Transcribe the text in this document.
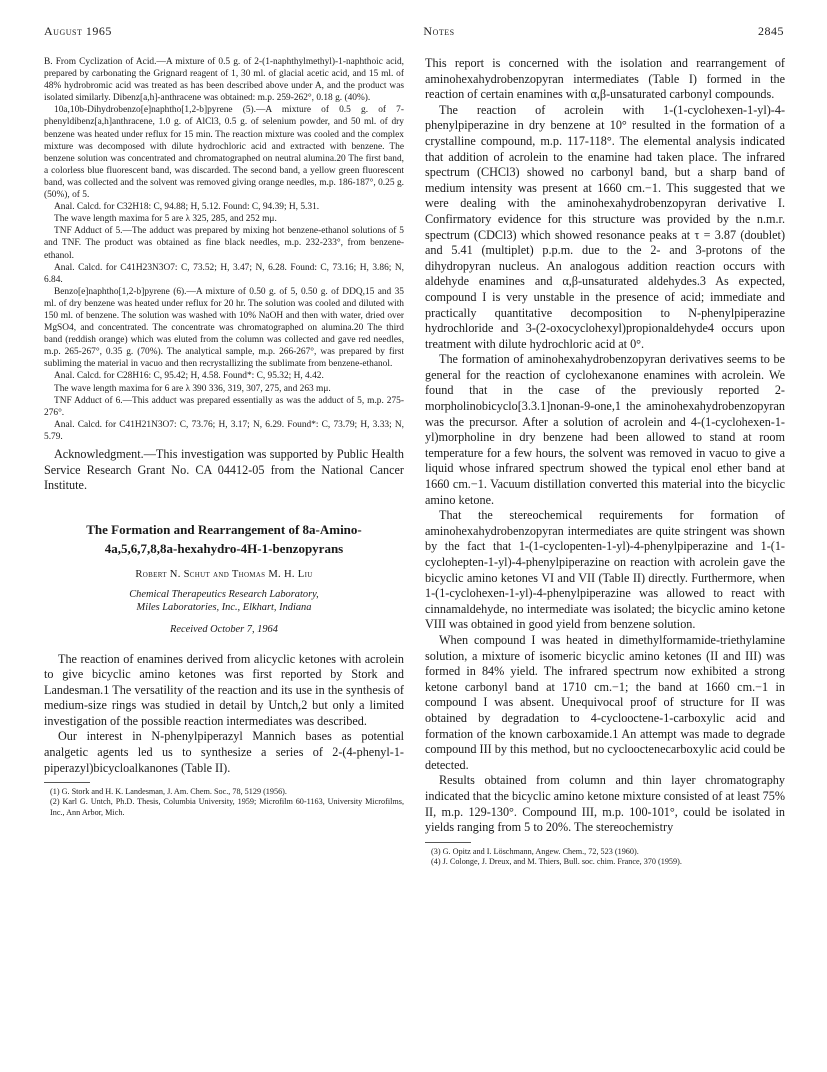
August 1965	Notes	2845

B. From Cyclization of Acid.—A mixture of 0.5 g. of 2-(1-naphthylmethyl)-1-naphthoic acid, prepared by carbonating the Grignard reagent of 1, 30 ml. of glacial acetic acid, and 15 ml. of 48% hydrobromic acid was treated as has been described above under A, and the product was isolated similarly. Dibenz[a,h]-anthracene was obtained: m.p. 259-262°, 0.18 g. (40%).

10a,10b-Dihydrobenzo[e]naphtho[1,2-b]pyrene (5).—A mixture of 0.5 g. of 7-phenyldibenz[a,h]anthracene, 1.0 g. of AlCl3, 0.5 g. of selenium powder, and 50 ml. of dry benzene was heated under reflux for 15 min. The reaction mixture was cooled and the complex mixture was decomposed with dilute hydrochloric acid and extracted with benzene. The benzene solution was concentrated and chromatographed on neutral alumina.20 The first band, a colorless blue fluorescent band, was discarded. The second band, a yellow green fluorescent band, was collected and the solvent was removed giving orange needles, m.p. 186-187°, 0.25 g. (50%), of 5.

Anal. Calcd. for C32H18: C, 94.88; H, 5.12. Found: C, 94.39; H, 5.31.

The wave length maxima for 5 are λ 325, 285, and 252 mμ.

TNF Adduct of 5.—The adduct was prepared by mixing hot benzene-ethanol solutions of 5 and TNF. The product was obtained as fine black needles, m.p. 232-233°, from benzene-ethanol.

Anal. Calcd. for C41H23N3O7: C, 73.52; H, 3.47; N, 6.28. Found: C, 73.16; H, 3.86; N, 6.84.

Benzo[e]naphtho[1,2-b]pyrene (6).—A mixture of 0.50 g. of 5, 0.50 g. of DDQ,15 and 35 ml. of dry benzene was heated under reflux for 20 hr. The solution was cooled and diluted with 150 ml. of benzene. The solution was washed with 10% NaOH and then with water, dried over MgSO4, and concentrated. The concentrate was chromatographed on alumina.20 The third band (reddish orange) which was eluted from the column was collected and gave red needles, m.p. 265-267°, 0.35 g. (70%). The analytical sample, m.p. 266-267°, was prepared by first subliming the material in vacuo and then recrystallizing the sublimate from benzene-ethanol.

Anal. Calcd. for C28H16: C, 95.42; H, 4.58. Found*: C, 95.32; H, 4.42.

The wave length maxima for 6 are λ 390 336, 319, 307, 275, and 263 mμ.

TNF Adduct of 6.—This adduct was prepared essentially as was the adduct of 5, m.p. 275-276°.

Anal. Calcd. for C41H21N3O7: C, 73.76; H, 3.17; N, 6.29. Found*: C, 73.79; H, 3.33; N, 5.79.

Acknowledgment.—This investigation was supported by Public Health Service Research Grant No. CA 04412-05 from the National Cancer Institute.

The Formation and Rearrangement of 8a-Amino-4a,5,6,7,8,8a-hexahydro-4H-1-benzopyrans
Robert N. Schut and Thomas M. H. Liu
Chemical Therapeutics Research Laboratory,
Miles Laboratories, Inc., Elkhart, Indiana
Received October 7, 1964

The reaction of enamines derived from alicyclic ketones with acrolein to give bicyclic amino ketones was first reported by Stork and Landesman.1 The versatility of the reaction and its use in the synthesis of medium-size rings was studied in detail by Untch,2 but only a limited investigation of the possible reaction intermediates was described.

Our interest in N-phenylpiperazyl Mannich bases as potential analgetic agents led us to synthesize a series of 2-(4-phenyl-1-piperazyl)bicycloalkanones (Table II).

(1) G. Stork and H. K. Landesman, J. Am. Chem. Soc., 78, 5129 (1956).

(2) Karl G. Untch, Ph.D. Thesis, Columbia University, 1959; Microfilm 60-1163, University Microfilms, Inc., Ann Arbor, Mich.

This report is concerned with the isolation and rearrangement of aminohexahydrobenzopyran intermediates (Table I) formed in the reaction of certain enamines with α,β-unsaturated carbonyl compounds.

The reaction of acrolein with 1-(1-cyclohexen-1-yl)-4-phenylpiperazine in dry benzene at 10° resulted in the formation of a crystalline compound, m.p. 117-118°. The elemental analysis indicated that addition of acrolein to the enamine had taken place. The infrared spectrum (CHCl3) showed no carbonyl band, but a sharp band of medium intensity was present at 1660 cm.−1. This suggested that we were dealing with the aminohexahydrobenzopyran derivative I. Confirmatory evidence for this structure was provided by the n.m.r. spectrum (CDCl3) which showed resonance peaks at τ = 3.87 (doublet) and 5.41 (multiplet) p.p.m. due to the 2- and 3-protons of the dihydropyran nucleus. An analogous addition reaction occurs with aldehyde enamines and α,β-unsaturated aldehydes.3 As expected, compound I is very unstable in the presence of acid; immediate and practically quantitative decomposition to N-phenylpiperazine hydrochloride and 3-(2-oxocyclohexyl)propionaldehyde4 occurs upon treatment with dilute hydrochloric acid at 0°.

The formation of aminohexahydrobenzopyran derivatives seems to be general for the reaction of cyclohexanone enamines with acrolein. We found that in the case of the previously reported 2-morpholinobicyclo[3.3.1]nonan-9-one,1 the aminohexahydrobenzopyran was the precursor. After a solution of acrolein and 4-(1-cyclohexen-1-yl)morpholine in dry benzene had been allowed to stand at room temperature for a few hours, the solvent was removed in vacuo to give a liquid whose infrared spectrum showed the typical enol ether band at 1660 cm.−1. Vacuum distillation converted this material into the bicyclic amino ketone.

That the stereochemical requirements for formation of aminohexahydrobenzopyran intermediates are quite stringent was shown by the fact that 1-(1-cyclopenten-1-yl)-4-phenylpiperazine and 1-(1-cyclohepten-1-yl)-4-phenylpiperazine on reaction with acrolein gave the bicyclic amino ketones VI and VII (Table II) directly. Furthermore, when 1-(1-cyclohexen-1-yl)-4-phenylpiperazine was allowed to react with cinnamaldehyde, no intermediate was isolated; the bicyclic amino ketone VIII was obtained in good yield from benzene solution.

When compound I was heated in dimethylformamide-triethylamine solution, a mixture of isomeric bicyclic amino ketones (II and III) was formed in 84% yield. The infrared spectrum now exhibited a strong ketone carbonyl band at 1710 cm.−1; the band at 1660 cm.−1 in compound I was absent. Unequivocal proof of structure for II was obtained by degradation to 4-cyclooctene-1-carboxylic acid and formation of the known carboxamide.1 An attempt was made to degrade compound III by this method, but no cyclooctenecarboxylic acid could be detected.

Results obtained from column and thin layer chromatography indicated that the bicyclic amino ketone mixture consisted of at least 75% II, m.p. 129-130°. Compound III, m.p. 100-101°, could be isolated in yields ranging from 5 to 20%. The stereochemistry

(3) G. Opitz and I. Löschmann, Angew. Chem., 72, 523 (1960).

(4) J. Colonge, J. Dreux, and M. Thiers, Bull. soc. chim. France, 370 (1959).
